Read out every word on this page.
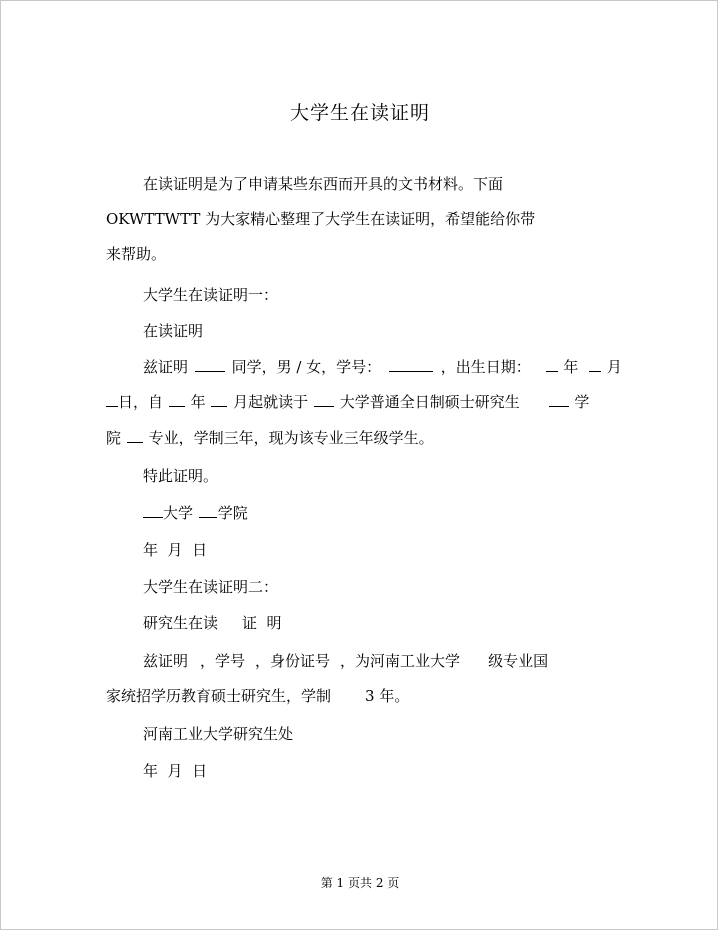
大学生在读证明
在读证明是为了申请某些东西而开具的文书材料。下面
OKWTTWTT 为大家精心整理了大学生在读证明，希望能给你带
来帮助。
大学生在读证明一：
在读证明
兹证明	同学，男 / 女，学号：	，出生日期： 年 月
日，自 年 月起就读于 大学普通全日制硕士研究生	学
院 专业，学制三年，现为该专业三年级学生。
特此证明。
大学 学院
年  月  日
大学生在读证明二：
研究生在读 证  明
兹证明 ，学号 ，身份证号 ，为河南工业大学 级专业国
家统招学历教育硕士研究生，学制 3 年。
河南工业大学研究生处
年  月  日
第 1 页共 2 页
